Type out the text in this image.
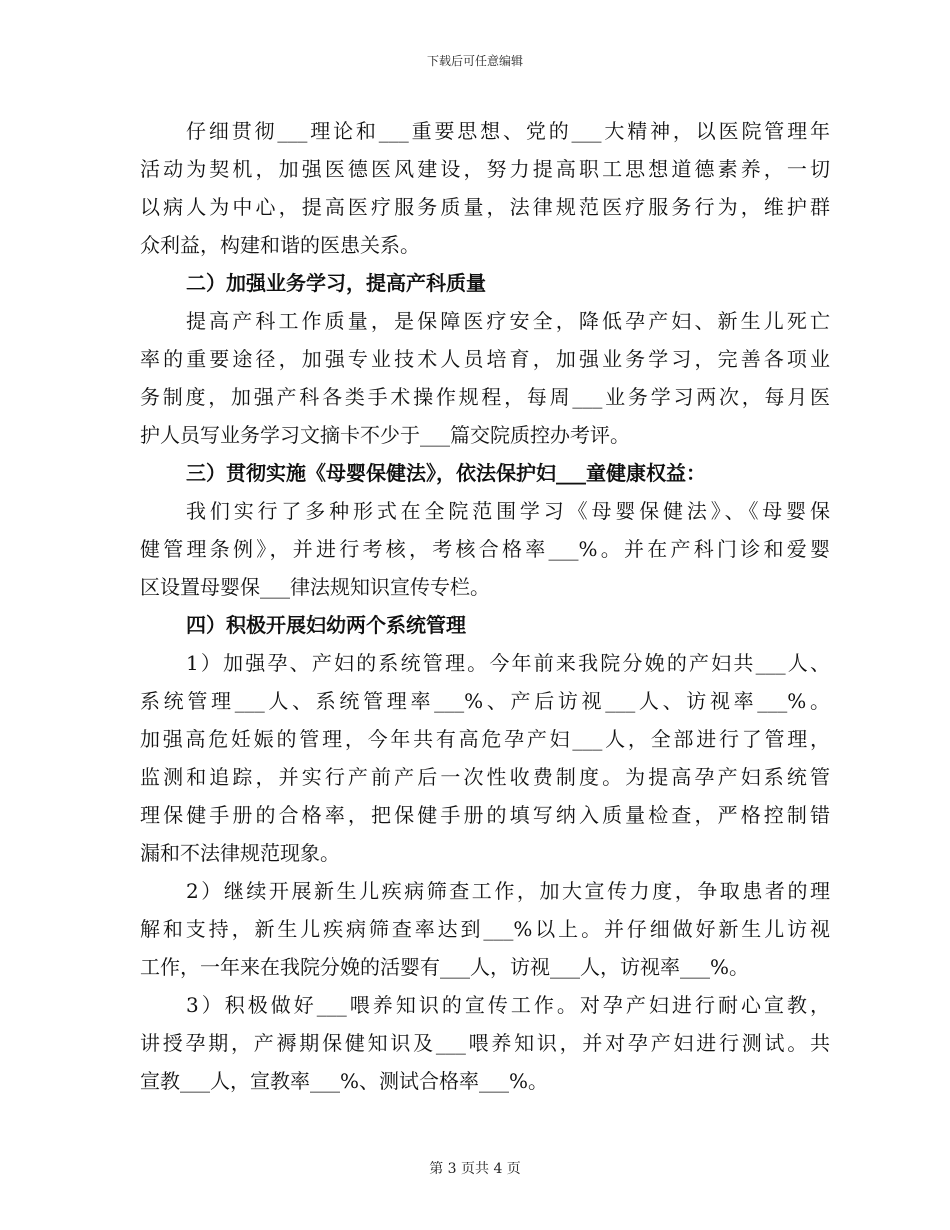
下载后可任意编辑
仔细贯彻___理论和___重要思想、党的___大精神，以医院管理年
活动为契机，加强医德医风建设，努力提高职工思想道德素养，一切
以病人为中心，提高医疗服务质量，法律规范医疗服务行为，维护群
众利益，构建和谐的医患关系。
二）加强业务学习，提高产科质量
提高产科工作质量，是保障医疗安全，降低孕产妇、新生儿死亡
率的重要途径，加强专业技术人员培育，加强业务学习，完善各项业
务制度，加强产科各类手术操作规程，每周___业务学习两次，每月医
护人员写业务学习文摘卡不少于___篇交院质控办考评。
三）贯彻实施《母婴保健法》，依法保护妇___童健康权益：
我们实行了多种形式在全院范围学习《母婴保健法》、《母婴保
健管理条例》，并进行考核，考核合格率___%。并在产科门诊和爱婴
区设置母婴保___律法规知识宣传专栏。
四）积极开展妇幼两个系统管理
1）加强孕、产妇的系统管理。今年前来我院分娩的产妇共___人、
系统管理___人、系统管理率___%、产后访视___人、访视率___%。
加强高危妊娠的管理，今年共有高危孕产妇___人，全部进行了管理，
监测和追踪，并实行产前产后一次性收费制度。为提高孕产妇系统管
理保健手册的合格率，把保健手册的填写纳入质量检查，严格控制错
漏和不法律规范现象。
2）继续开展新生儿疾病筛查工作，加大宣传力度，争取患者的理
解和支持，新生儿疾病筛查率达到___%以上。并仔细做好新生儿访视
工作，一年来在我院分娩的活婴有___人，访视___人，访视率___%。
3）积极做好___喂养知识的宣传工作。对孕产妇进行耐心宣教，
讲授孕期，产褥期保健知识及___喂养知识，并对孕产妇进行测试。共
宣教___人，宣教率___%、测试合格率___%。
第 3 页共 4 页
